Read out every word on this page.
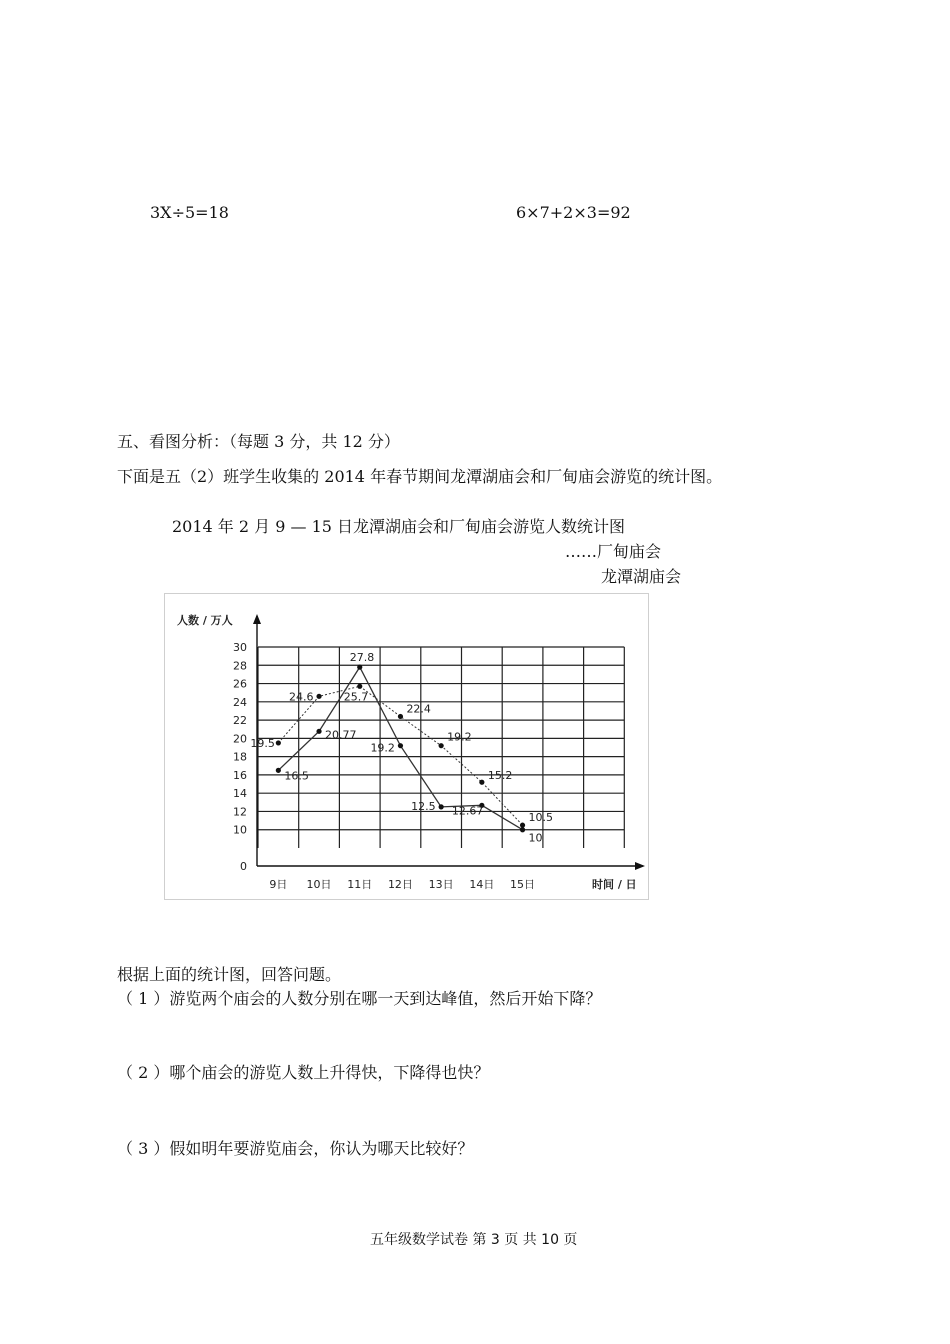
3X÷5=18	6×7+2×3=92
五、看图分析：（每题 3 分，共 12 分）
下面是五（2）班学生收集的 2014 年春节期间龙潭湖庙会和厂甸庙会游览的统计图。
2014 年 2 月 9 — 15 日龙潭湖庙会和厂甸庙会游览人数统计图
……厂甸庙会
龙潭湖庙会
0
10
12
14
16
18
20
22
24
26
28
30
9日 10日 11日 12日 13日 14日 15日
人数 / 万人
时间 / 日
19.5
24.6	25.7
22.4
19.2
15.2
10.5
16.5
20.77
27.8
19.2
12.5 12.67
10
根据上面的统计图，回答问题。
（ 1 ）游览两个庙会的人数分别在哪一天到达峰值，然后开始下降？
（ 2 ）哪个庙会的游览人数上升得快，下降得也快？
（ 3 ）假如明年要游览庙会，你认为哪天比较好？
五年级数学试卷 第 3 页 共 10 页
